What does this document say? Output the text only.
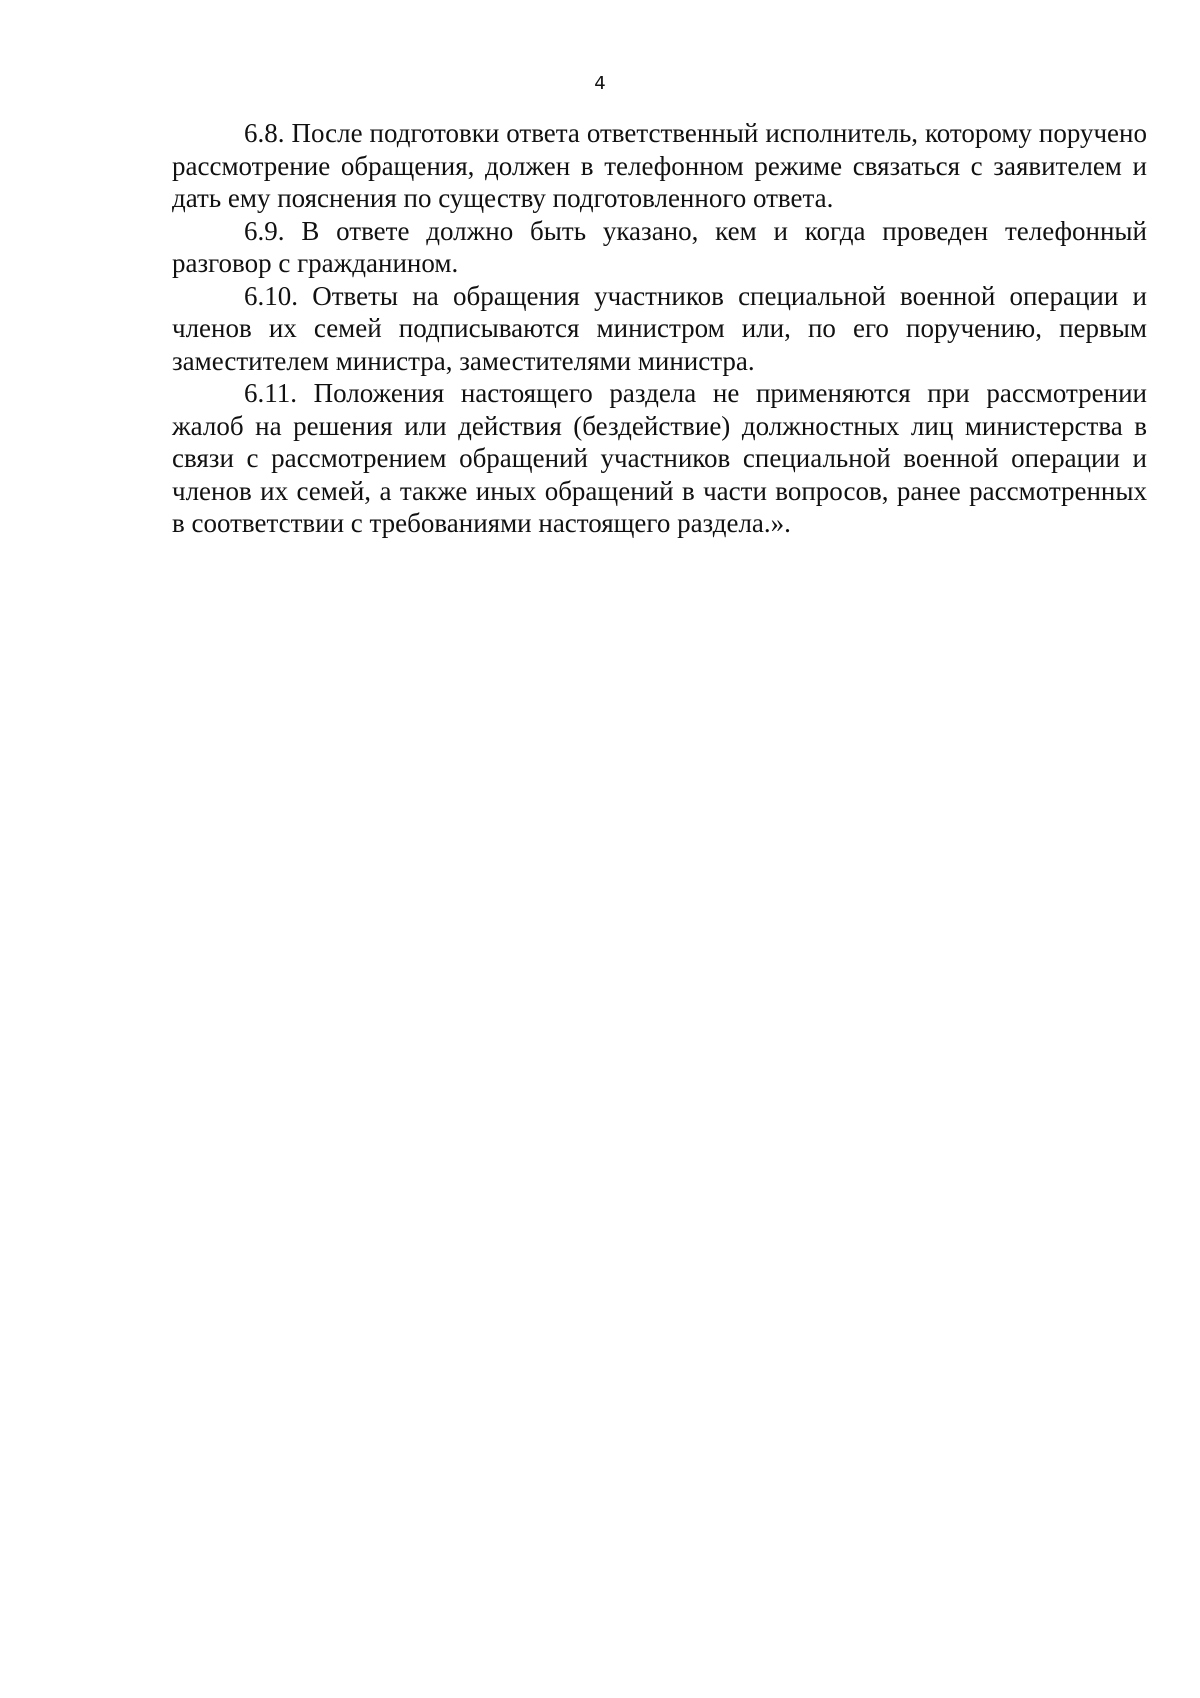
4

6.8. После подготовки ответа ответственный исполнитель, которому поручено рассмотрение обращения, должен в телефонном режиме связаться с заявителем и дать ему пояснения по существу подготовленного ответа.

6.9. В ответе должно быть указано, кем и когда проведен телефонный разговор с гражданином.

6.10. Ответы на обращения участников специальной военной операции и членов их семей подписываются министром или, по его поручению, первым заместителем министра, заместителями министра.

6.11. Положения настоящего раздела не применяются при рассмотрении жалоб на решения или действия (бездействие) должностных лиц министерства в связи с рассмотрением обращений участников специальной военной операции и членов их семей, а также иных обращений в части вопросов, ранее рассмотренных в соответствии с требованиями настоящего раздела.».
